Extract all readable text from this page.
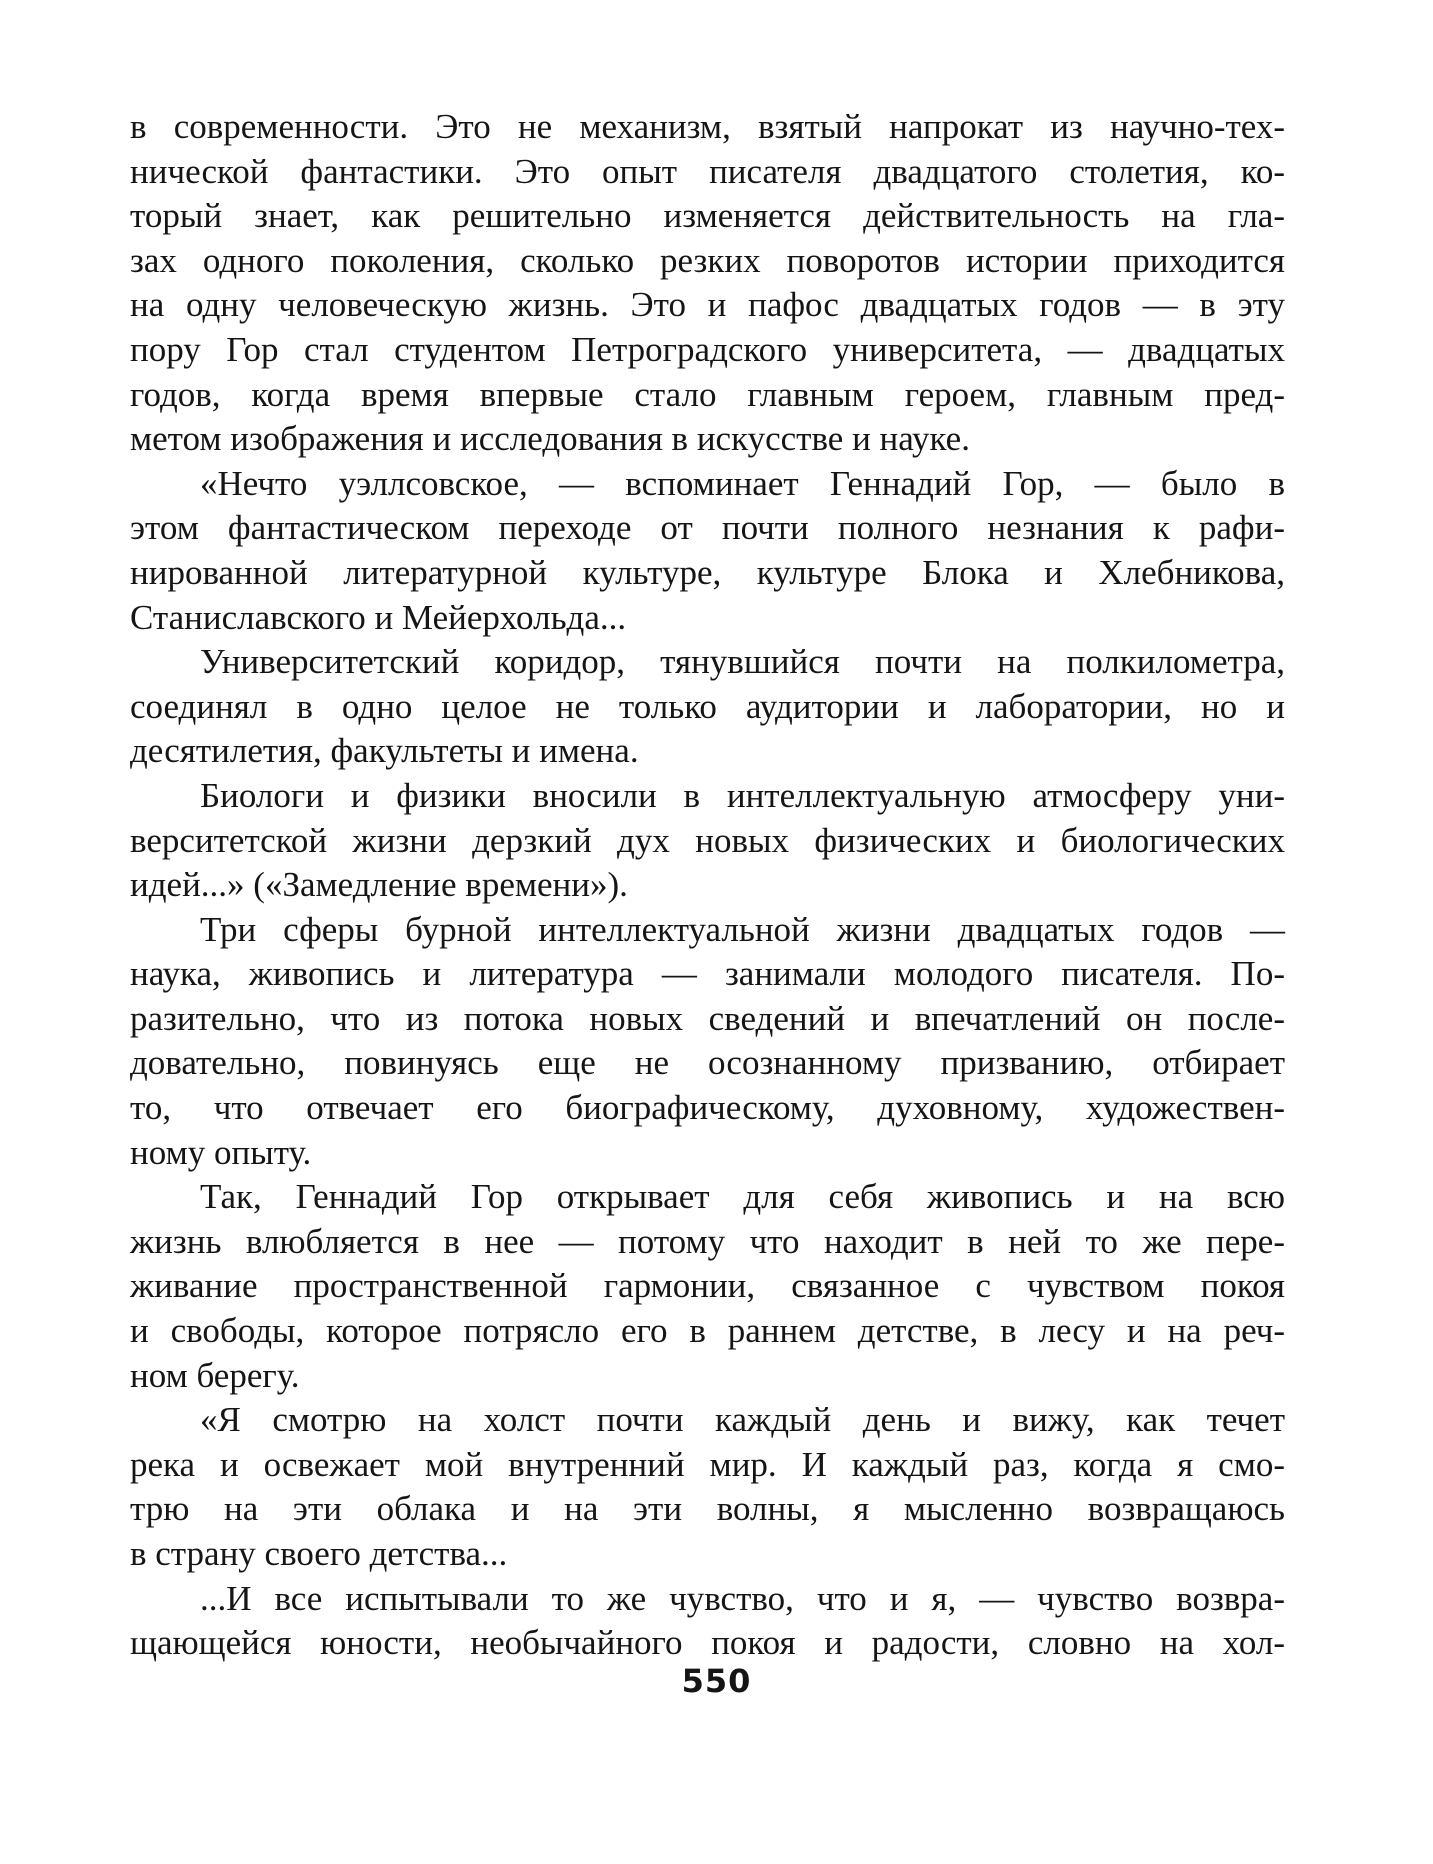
в современности. Это не механизм, взятый напрокат из научно-тех-
нической фантастики. Это опыт писателя двадцатого столетия, ко-
торый знает, как решительно изменяется действительность на гла-
зах одного поколения, сколько резких поворотов истории приходится
на одну человеческую жизнь. Это и пафос двадцатых годов — в эту
пору Гор стал студентом Петроградского университета, — двадцатых
годов, когда время впервые стало главным героем, главным пред-
метом изображения и исследования в искусстве и науке.
«Нечто уэллсовское, — вспоминает Геннадий Гор, — было в
этом фантастическом переходе от почти полного незнания к рафи-
нированной литературной культуре, культуре Блока и Хлебникова,
Станиславского и Мейерхольда...
Университетский коридор, тянувшийся почти на полкилометра,
соединял в одно целое не только аудитории и лаборатории, но и
десятилетия, факультеты и имена.
Биологи и физики вносили в интеллектуальную атмосферу уни-
верситетской жизни дерзкий дух новых физических и биологических
идей...» («Замедление времени»).
Три сферы бурной интеллектуальной жизни двадцатых годов —
наука, живопись и литература — занимали молодого писателя. По-
разительно, что из потока новых сведений и впечатлений он после-
довательно, повинуясь еще не осознанному призванию, отбирает
то, что отвечает его биографическому, духовному, художествен-
ному опыту.
Так, Геннадий Гор открывает для себя живопись и на всю
жизнь влюбляется в нее — потому что находит в ней то же пере-
живание пространственной гармонии, связанное с чувством покоя
и свободы, которое потрясло его в раннем детстве, в лесу и на реч-
ном берегу.
«Я смотрю на холст почти каждый день и вижу, как течет
река и освежает мой внутренний мир. И каждый раз, когда я смо-
трю на эти облака и на эти волны, я мысленно возвращаюсь
в страну своего детства...
...И все испытывали то же чувство, что и я, — чувство возвра-
щающейся юности, необычайного покоя и радости, словно на хол-
550
